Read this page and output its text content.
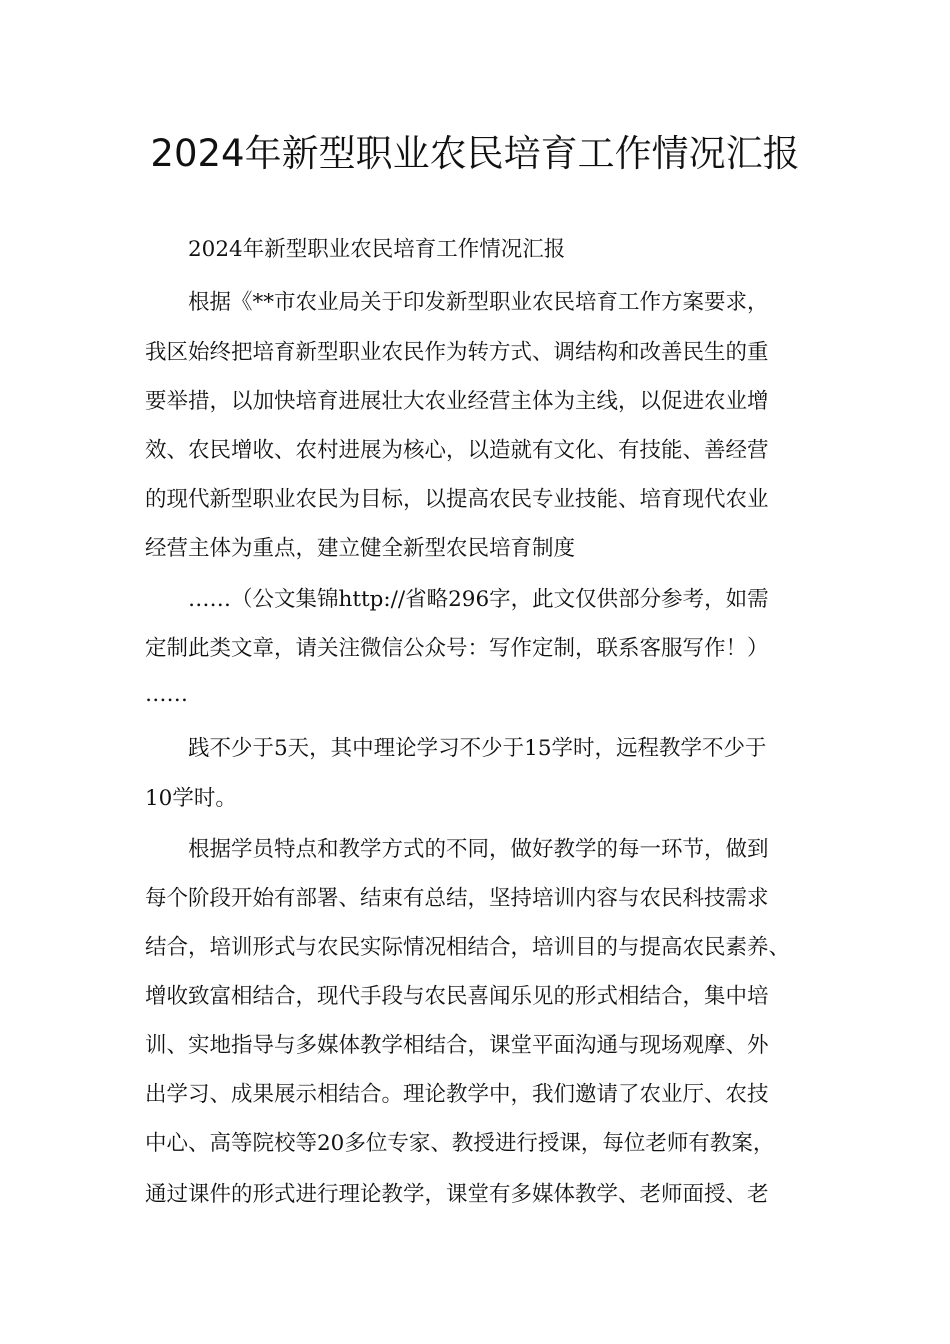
2024年新型职业农民培育工作情况汇报

2024年新型职业农民培育工作情况汇报

根据《**市农业局关于印发新型职业农民培育工作方案要求，

我区始终把培育新型职业农民作为转方式、调结构和改善民生的重

要举措，以加快培育进展壮大农业经营主体为主线，以促进农业增

效、农民增收、农村进展为核心，以造就有文化、有技能、善经营

的现代新型职业农民为目标，以提高农民专业技能、培育现代农业

经营主体为重点，建立健全新型农民培育制度

……（公文集锦http://省略296字，此文仅供部分参考，如需

定制此类文章，请关注微信公众号：写作定制，联系客服写作！）

……

践不少于5天，其中理论学习不少于15学时，远程教学不少于

10学时。

根据学员特点和教学方式的不同，做好教学的每一环节，做到

每个阶段开始有部署、结束有总结，坚持培训内容与农民科技需求

结合，培训形式与农民实际情况相结合，培训目的与提高农民素养、

增收致富相结合，现代手段与农民喜闻乐见的形式相结合，集中培

训、实地指导与多媒体教学相结合，课堂平面沟通与现场观摩、外

出学习、成果展示相结合。理论教学中，我们邀请了农业厅、农技

中心、高等院校等20多位专家、教授进行授课，每位老师有教案，

通过课件的形式进行理论教学，课堂有多媒体教学、老师面授、老
